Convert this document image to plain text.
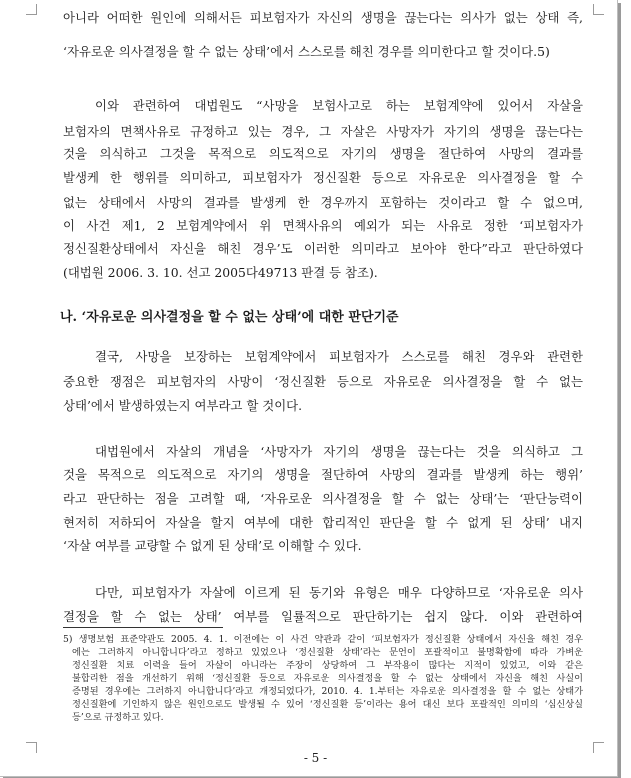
아니라 어떠한 원인에 의해서든 피보험자가 자신의 생명을 끊는다는 의사가 없는 상태 즉,
‘자유로운 의사결정을 할 수 없는 상태’에서 스스로를 해친 경우를 의미한다고 할 것이다.5)
이와 관련하여 대법원도 “사망을 보험사고로 하는 보험계약에 있어서 자살을
보험자의 면책사유로 규정하고 있는 경우, 그 자살은 사망자가 자기의 생명을 끊는다는
것을 의식하고 그것을 목적으로 의도적으로 자기의 생명을 절단하여 사망의 결과를
발생케 한 행위를 의미하고, 피보험자가 정신질환 등으로 자유로운 의사결정을 할 수
없는 상태에서 사망의 결과를 발생케 한 경우까지 포함하는 것이라고 할 수 없으며,
이 사건 제1, 2 보험계약에서 위 면책사유의 예외가 되는 사유로 정한 ‘피보험자가
정신질환상태에서 자신을 해친 경우’도 이러한 의미라고 보아야 한다”라고 판단하였다
(대법원 2006. 3. 10. 선고 2005다49713 판결 등 참조).
나. ‘자유로운 의사결정을 할 수 없는 상태’에 대한 판단기준
결국, 사망을 보장하는 보험계약에서 피보험자가 스스로를 해친 경우와 관련한
중요한 쟁점은 피보험자의 사망이 ‘정신질환 등으로 자유로운 의사결정을 할 수 없는
상태’에서 발생하였는지 여부라고 할 것이다.
대법원에서 자살의 개념을 ‘사망자가 자기의 생명을 끊는다는 것을 의식하고 그
것을 목적으로 의도적으로 자기의 생명을 절단하여 사망의 결과를 발생케 하는 행위’
라고 판단하는 점을 고려할 때, ‘자유로운 의사결정을 할 수 없는 상태’는 ‘판단능력이
현저히 저하되어 자살을 할지 여부에 대한 합리적인 판단을 할 수 없게 된 상태’ 내지
‘자살 여부를 교량할 수 없게 된 상태’로 이해할 수 있다.
다만, 피보험자가 자살에 이르게 된 동기와 유형은 매우 다양하므로 ‘자유로운 의사
결정을 할 수 없는 상태’ 여부를 일률적으로 판단하기는 쉽지 않다. 이와 관련하여
5) 생명보험 표준약관도 2005. 4. 1. 이전에는 이 사건 약관과 같이 ‘피보험자가 정신질환 상태에서 자신을 해친 경우
에는 그러하지 아니합니다’라고 정하고 있었으나 ‘정신질환 상태’라는 문언이 포괄적이고 불명확함에 따라 가벼운
정신질환 치료 이력을 들어 자살이 아니라는 주장이 상당하여 그 부작용이 많다는 지적이 있었고, 이와 같은
불합리한 점을 개선하기 위해 ‘정신질환 등으로 자유로운 의사결정을 할 수 없는 상태에서 자신을 해친 사실이
증명된 경우에는 그러하지 아니합니다’라고 개정되었다가, 2010. 4. 1.부터는 자유로운 의사결정을 할 수 없는 상태가
정신질환에 기인하지 않은 원인으로도 발생될 수 있어 ‘정신질환 등’이라는 용어 대신 보다 포괄적인 의미의 ‘심신상실
등’으로 규정하고 있다.
- 5 -
